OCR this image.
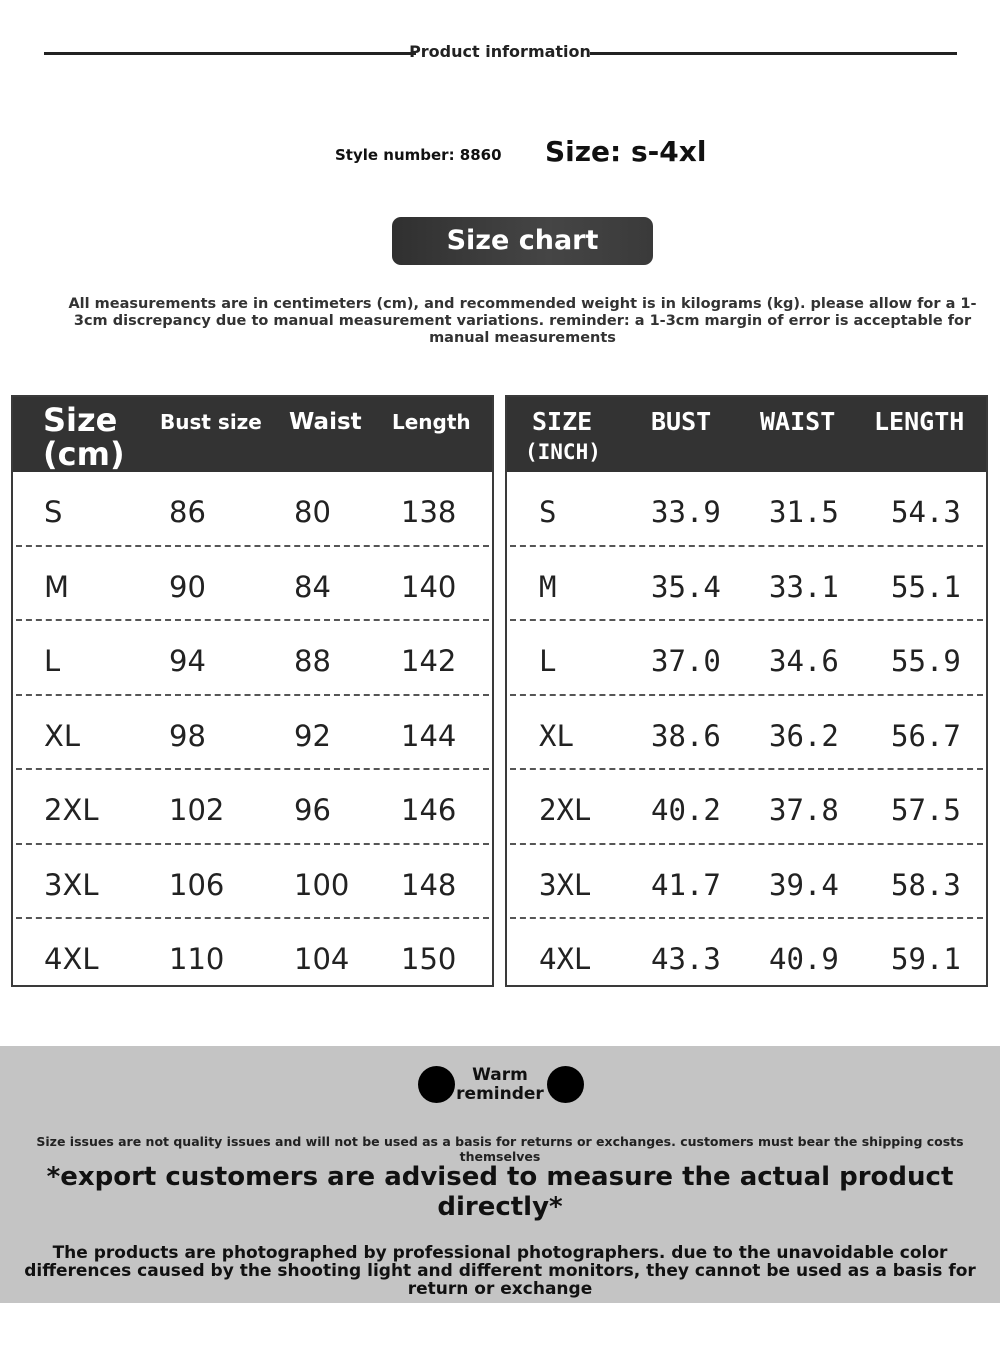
Product information
Style number: 8860 Size: s-4xl
Size chart
All measurements are in centimeters (cm), and recommended weight is in kilograms (kg). please allow for a 1-3cm discrepancy due to manual measurement variations. reminder: a 1-3cm margin of error is acceptable for manual measurements
Size (cm)
Bust size Waist Length
S	86	80 138
M	90	84 140
L	94	88 142
XL	98	92 144
2XL 102 96 146
3XL 106 100 148
4XL 110 104 150
SIZE
(INCH)
BUST WAIST LENGTH
S	33.9 31.5 54.3
M	35.4 33.1 55.1
L	37.0 34.6 55.9
XL	38.6 36.2 56.7
2XL 40.2 37.8 57.5
3XL 41.7 39.4 58.3
4XL 43.3 40.9 59.1
Warm reminder
Size issues are not quality issues and will not be used as a basis for returns or exchanges. customers must bear the shipping costs themselves
*export customers are advised to measure the actual product directly*
The products are photographed by professional photographers. due to the unavoidable color differences caused by the shooting light and different monitors, they cannot be used as a basis for return or exchange
